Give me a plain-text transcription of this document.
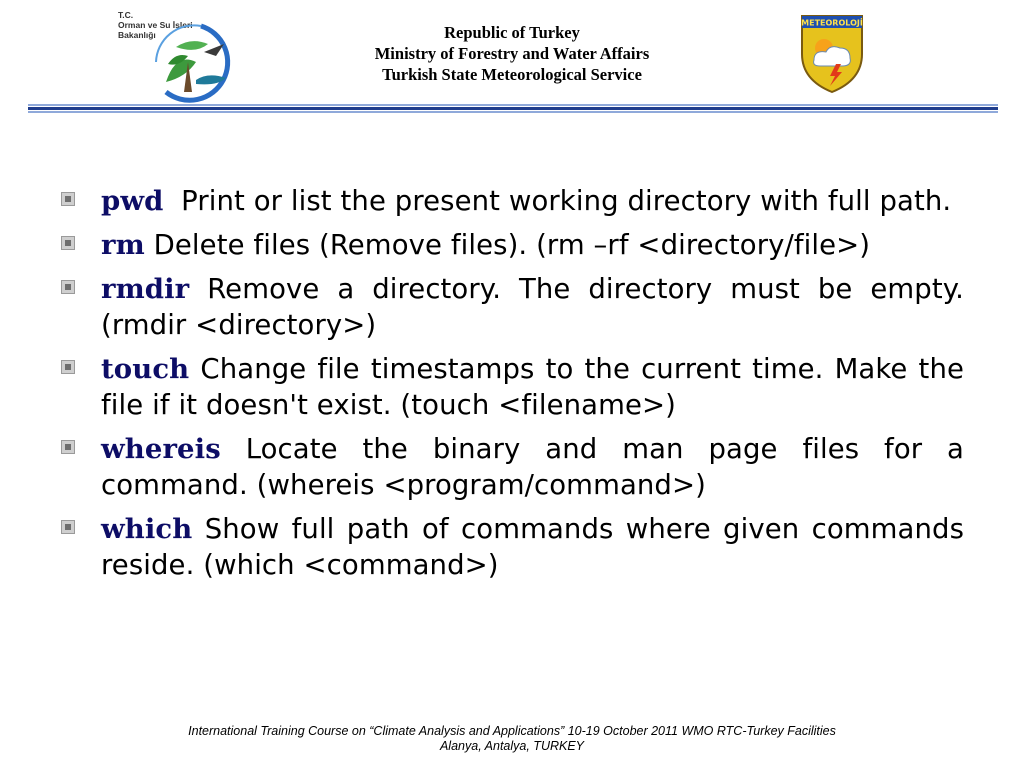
T.C.
Orman ve Su İşleri
Bakanlığı	Republic of Turkey
Ministry of Forestry and Water Affairs
Turkish State Meteorological Service
METEOROLOJİ
pwd Print or list the present working directory with full path.
rm Delete files (Remove files). (rm –rf <directory/file>)
rmdir Remove a directory. The directory must be empty. (rmdir <directory>)
touch Change file timestamps to the current time. Make the file if it doesn't exist. (touch <filename>)
whereis Locate the binary and man page files for a command. (whereis <program/command>)
which Show full path of commands where given commands reside. (which <command>)
International Training Course on “Climate Analysis and Applications” 10-19 October 2011 WMO RTC-Turkey Facilities
Alanya, Antalya, TURKEY
